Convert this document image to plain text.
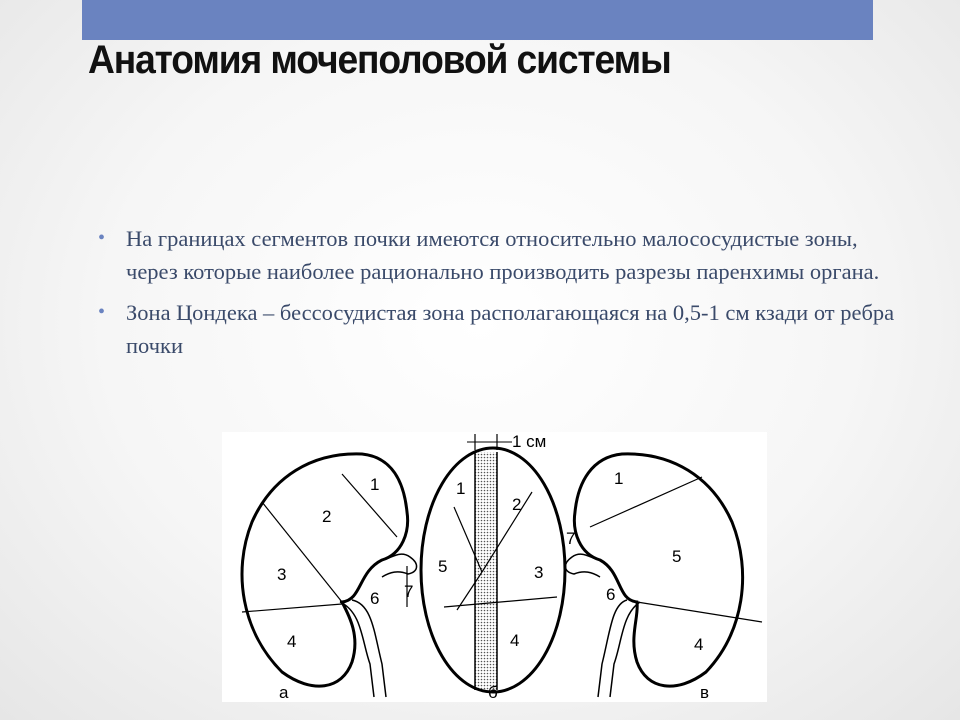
Анатомия мочеполовой системы
• На границах сегментов почки имеются относительно малососудистые зоны, через которые наиболее рационально производить разрезы паренхимы органа.
• Зона Цондека – бессосудистая зона располагающаяся на 0,5-1 см кзади от ребра почки
1 см
1
2
3
4
6 7
1
2
3
4
5
1
5
6
7
4
а	б	в
